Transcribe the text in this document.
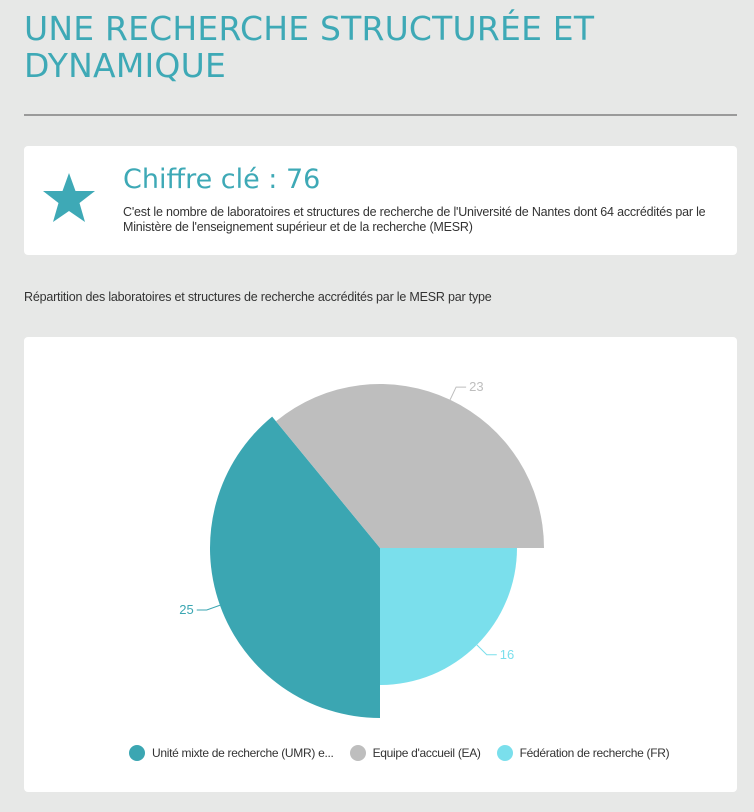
UNE RECHERCHE STRUCTURÉE ET DYNAMIQUE
Chiffre clé : 76
C'est le nombre de laboratoires et structures de recherche de l'Université de Nantes dont 64 accrédités par le Ministère de l'enseignement supérieur et de la recherche (MESR)
Répartition des laboratoires et structures de recherche accrédités par le MESR par type
25
23
16
Unité mixte de recherche (UMR) e...	Equipe d'accueil (EA)	Fédération de recherche (FR)
